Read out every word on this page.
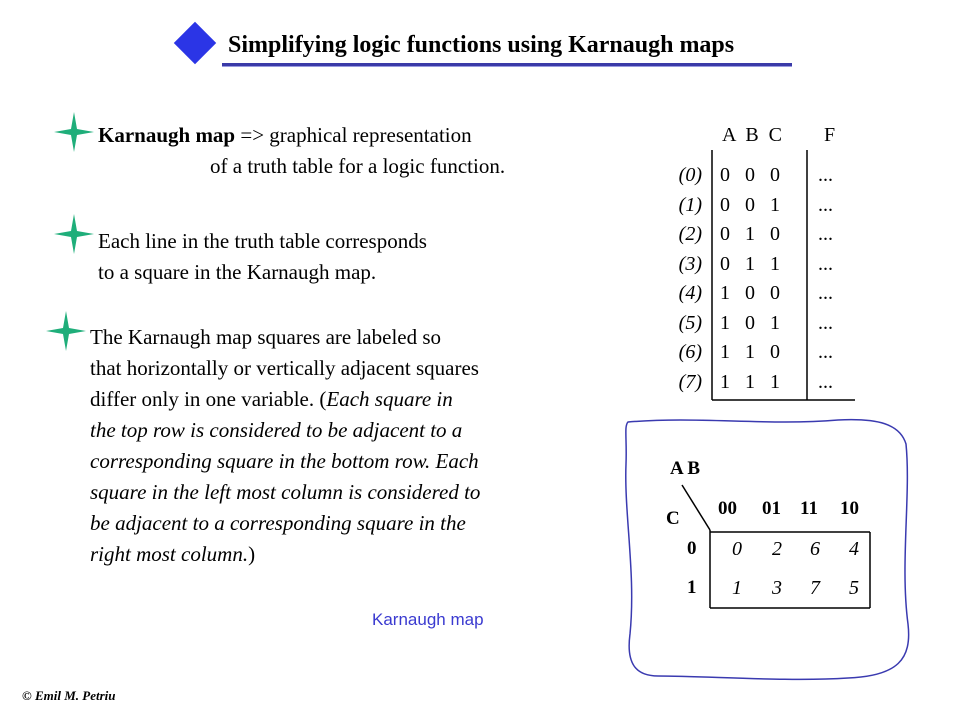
Simplifying logic functions using Karnaugh maps
Karnaugh map => graphical representation
of a truth table for a logic function.
Each line in the truth table corresponds
to a square in the Karnaugh map.
The Karnaugh map squares are labeled so
that horizontally or vertically adjacent squares
differ only in one variable. (Each square in
the top row is considered to be adjacent to a
corresponding square in the bottom row. Each
square in the left most column is considered to
be adjacent to a corresponding square in the
right most column.)
A  B  C F
(0) 0   0   0 ...
(1) 0   0   1 ...
(2) 0   1   0 ...
(3) 0   1   1 ...
(4) 1   0   0 ...
(5) 1   0   1 ...
(6) 1   1   0 ...
(7) 1   1   1 ...
A B
C 00 01 11 10
0	0	2	6	4
1	1	3	7	5
Karnaugh map
© Emil M. Petriu
